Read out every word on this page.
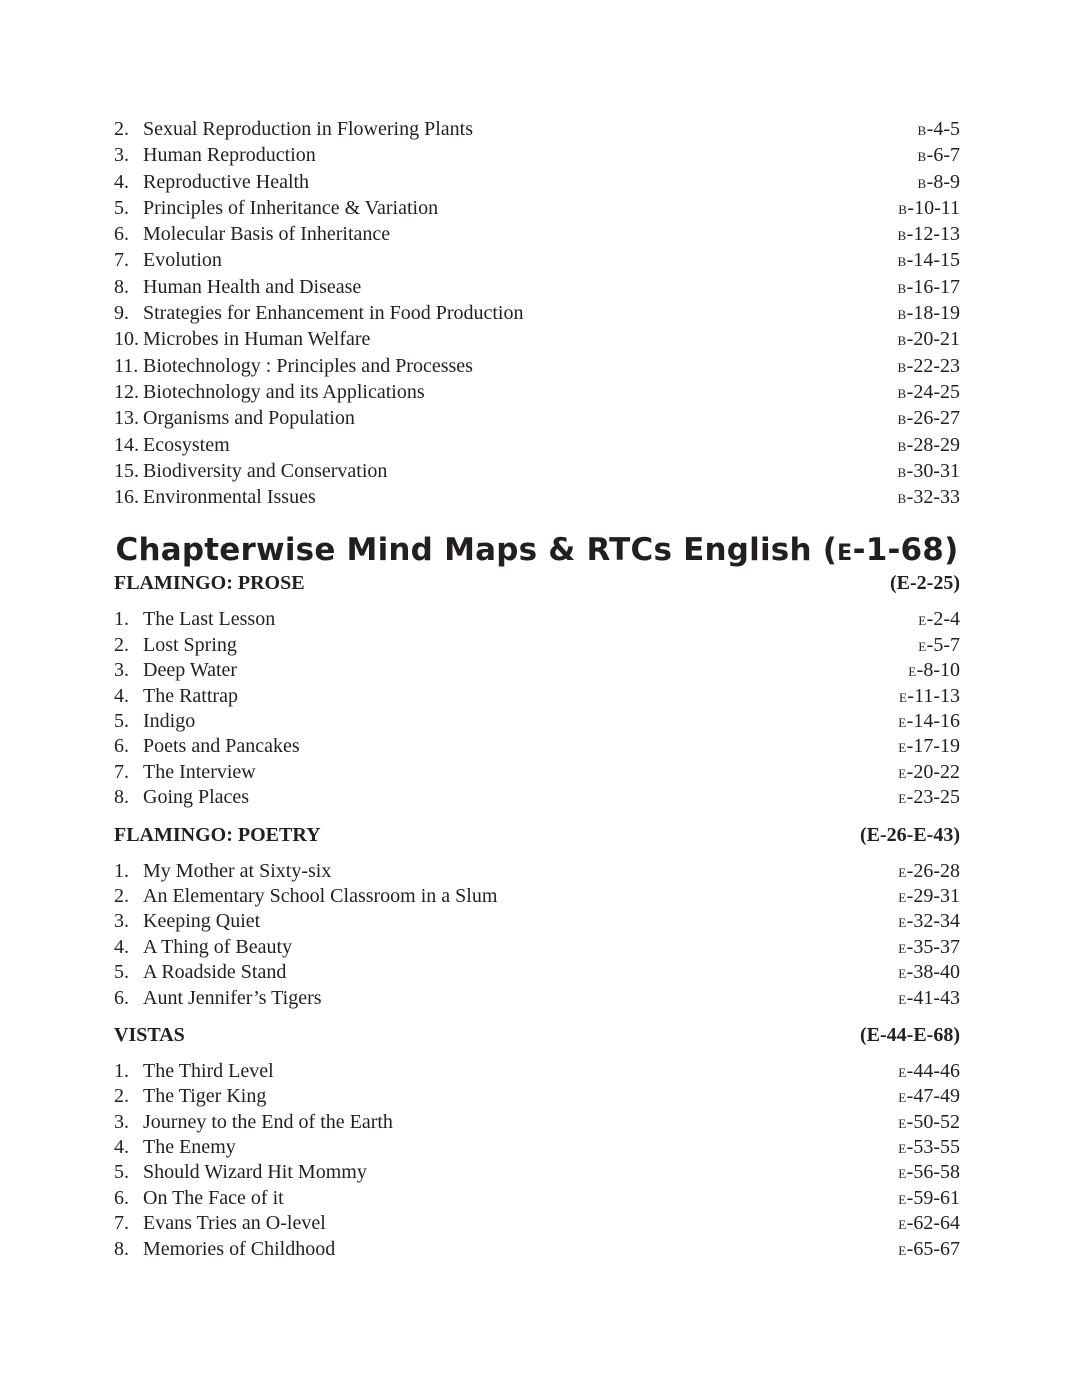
2. Sexual Reproduction in Flowering Plants	B-4-5
3. Human Reproduction	B-6-7
4. Reproductive Health	B-8-9
5. Principles of Inheritance & Variation	B-10-11
6. Molecular Basis of Inheritance	B-12-13
7. Evolution	B-14-15
8. Human Health and Disease	B-16-17
9. Strategies for Enhancement in Food Production	B-18-19
10. Microbes in Human Welfare	B-20-21
11. Biotechnology : Principles and Processes	B-22-23
12. Biotechnology and its Applications	B-24-25
13. Organisms and Population	B-26-27
14. Ecosystem	B-28-29
15. Biodiversity and Conservation	B-30-31
16. Environmental Issues	B-32-33
Chapterwise Mind Maps & RTCs English (E-1-68)
FLAMINGO: PROSE	(E-2-25)
1. The Last Lesson	E-2-4
2. Lost Spring	E-5-7
3. Deep Water	E-8-10
4. The Rattrap	E-11-13
5. Indigo	E-14-16
6. Poets and Pancakes	E-17-19
7. The Interview	E-20-22
8. Going Places	E-23-25
FLAMINGO: POETRY	(E-26-E-43)
1. My Mother at Sixty-six	E-26-28
2. An Elementary School Classroom in a Slum	E-29-31
3. Keeping Quiet	E-32-34
4. A Thing of Beauty	E-35-37
5. A Roadside Stand	E-38-40
6. Aunt Jennifer’s Tigers	E-41-43
VISTAS	(E-44-E-68)
1. The Third Level	E-44-46
2. The Tiger King	E-47-49
3. Journey to the End of the Earth	E-50-52
4. The Enemy	E-53-55
5. Should Wizard Hit Mommy	E-56-58
6. On The Face of it	E-59-61
7. Evans Tries an O-level	E-62-64
8. Memories of Childhood	E-65-67
